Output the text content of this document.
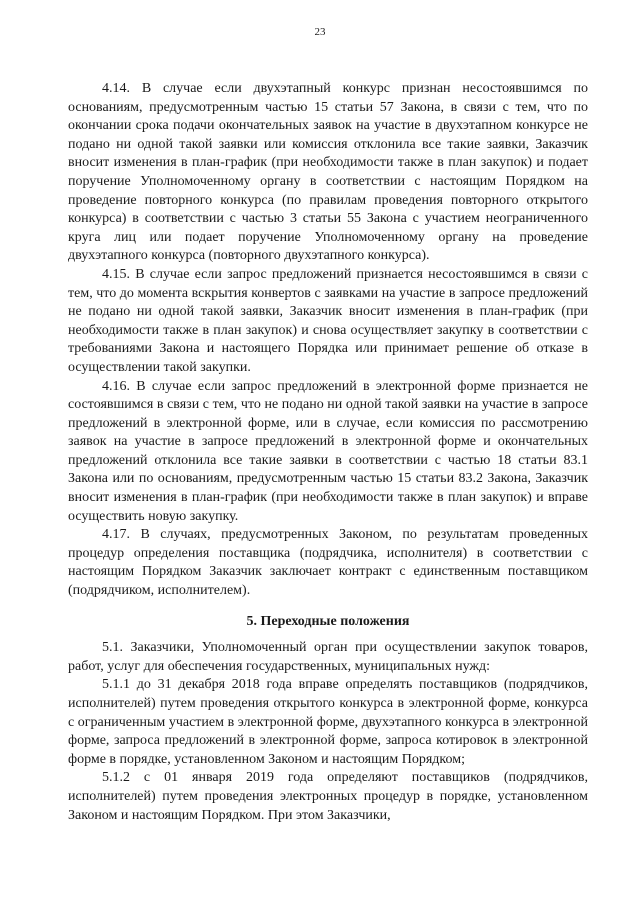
23

4.14. В случае если двухэтапный конкурс признан несостоявшимся по основаниям, предусмотренным частью 15 статьи 57 Закона, в связи с тем, что по окончании срока подачи окончательных заявок на участие в двухэтапном конкурсе не подано ни одной такой заявки или комиссия отклонила все такие заявки, Заказчик вносит изменения в план-график (при необходимости также в план закупок) и подает поручение Уполномоченному органу в соответствии с настоящим Порядком на проведение повторного конкурса (по правилам проведения повторного открытого конкурса) в соответствии с частью 3 статьи 55 Закона с участием неограниченного круга лиц или подает поручение Уполномоченному органу на проведение двухэтапного конкурса (повторного двухэтапного конкурса).

4.15. В случае если запрос предложений признается несостоявшимся в связи с тем, что до момента вскрытия конвертов с заявками на участие в запросе предложений не подано ни одной такой заявки, Заказчик вносит изменения в план-график (при необходимости также в план закупок) и снова осуществляет закупку в соответствии с требованиями Закона и настоящего Порядка или принимает решение об отказе в осуществлении такой закупки.

4.16. В случае если запрос предложений в электронной форме признается не состоявшимся в связи с тем, что не подано ни одной такой заявки на участие в запросе предложений в электронной форме, или в случае, если комиссия по рассмотрению заявок на участие в запросе предложений в электронной форме и окончательных предложений отклонила все такие заявки в соответствии с частью 18 статьи 83.1 Закона или по основаниям, предусмотренным частью 15 статьи 83.2 Закона, Заказчик вносит изменения в план-график (при необходимости также в план закупок) и вправе осуществить новую закупку.

4.17. В случаях, предусмотренных Законом, по результатам проведенных процедур определения поставщика (подрядчика, исполнителя) в соответствии с настоящим Порядком Заказчик заключает контракт с единственным поставщиком (подрядчиком, исполнителем).

5. Переходные положения

5.1. Заказчики, Уполномоченный орган при осуществлении закупок товаров, работ, услуг для обеспечения государственных, муниципальных нужд:

5.1.1 до 31 декабря 2018 года вправе определять поставщиков (подрядчиков, исполнителей) путем проведения открытого конкурса в электронной форме, конкурса с ограниченным участием в электронной форме, двухэтапного конкурса в электронной форме, запроса предложений в электронной форме, запроса котировок в электронной форме в порядке, установленном Законом и настоящим Порядком;

5.1.2 с 01 января 2019 года определяют поставщиков (подрядчиков, исполнителей) путем проведения электронных процедур в порядке, установленном Законом и настоящим Порядком. При этом Заказчики,
